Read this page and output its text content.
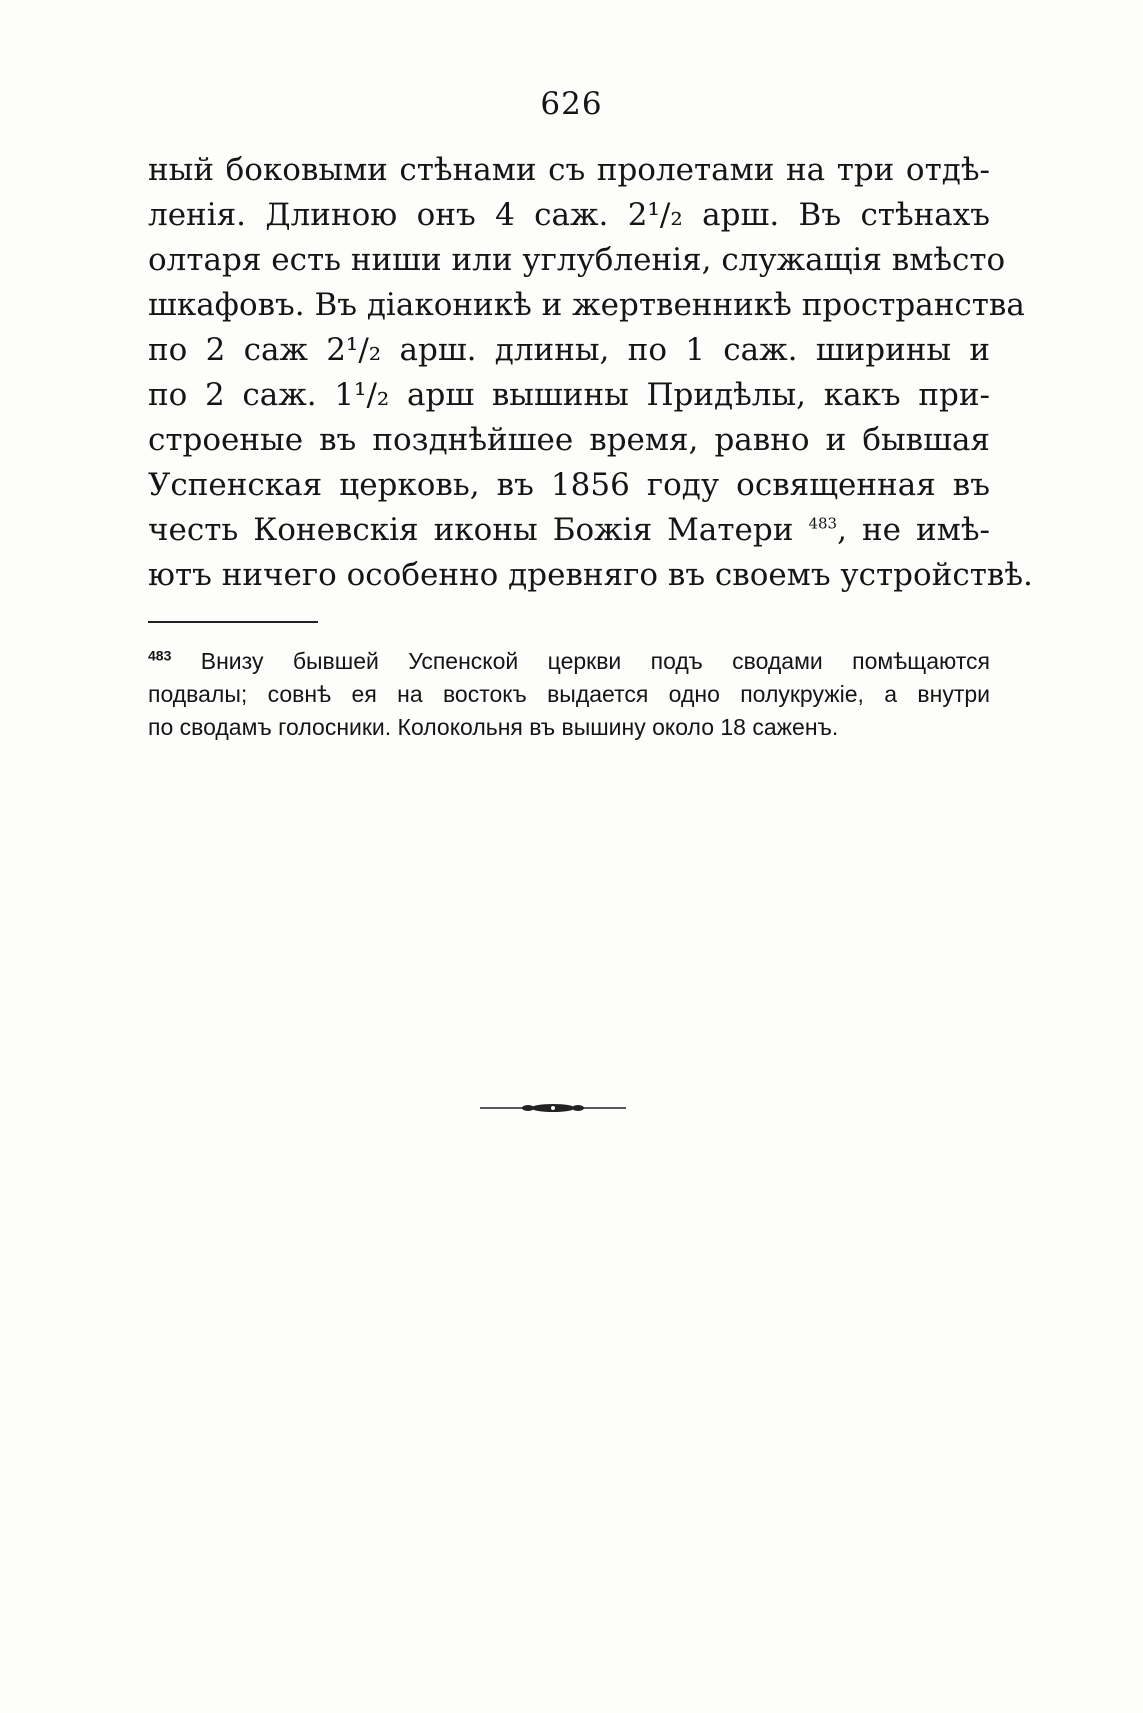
626
ный боковыми стѣнами съ пролетами на три отдѣ-
ленія. Длиною онъ 4 саж. 2¹/₂ арш. Въ стѣнахъ
олтаря есть ниши или углубленія, служащія вмѣсто
шкафовъ. Въ діаконикѣ и жертвенникѣ пространства
по 2 саж 2¹/₂ арш. длины, по 1 саж. ширины и
по 2 саж. 1¹/₂ арш вышины Придѣлы, какъ при-
строеные въ позднѣйшее время, равно и бывшая
Успенская церковь, въ 1856 году освященная въ
честь Коневскія иконы Божія Матери $^{483}$, не имѣ-
ютъ ничего особенно древняго въ своемъ устройствѣ.
$^{483}$ Внизу бывшей Успенской церкви подъ сводами помѣщаются
подвалы; совнѣ ея на востокъ выдается одно полукружіе, а внутри
по сводамъ голосники. Колокольня въ вышину около 18 саженъ.
